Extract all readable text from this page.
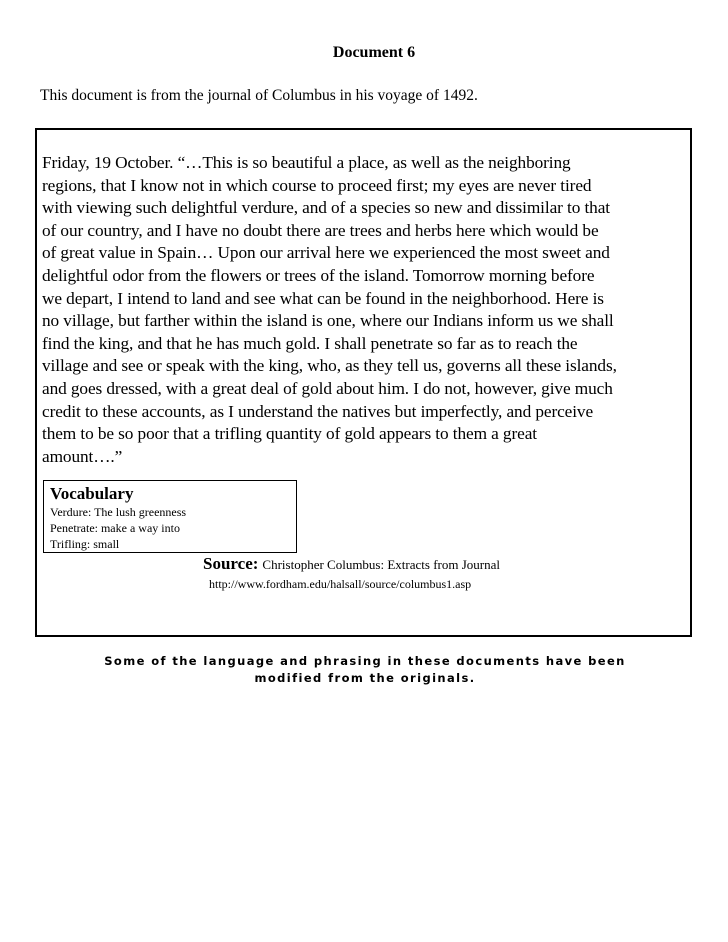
Document 6

This document is from the journal of Columbus in his voyage of 1492.

Friday, 19 October. “…This is so beautiful a place, as well as the neighboring
regions, that I know not in which course to proceed first; my eyes are never tired
with viewing such delightful verdure, and of a species so new and dissimilar to that
of our country, and I have no doubt there are trees and herbs here which would be
of great value in Spain… Upon our arrival here we experienced the most sweet and
delightful odor from the flowers or trees of the island. Tomorrow morning before
we depart, I intend to land and see what can be found in the neighborhood. Here is
no village, but farther within the island is one, where our Indians inform us we shall
find the king, and that he has much gold. I shall penetrate so far as to reach the
village and see or speak with the king, who, as they tell us, governs all these islands,
and goes dressed, with a great deal of gold about him. I do not, however, give much
credit to these accounts, as I understand the natives but imperfectly, and perceive
them to be so poor that a trifling quantity of gold appears to them a great
amount….”

Vocabulary

Verdure: The lush greenness

Penetrate: make a way into

Trifling: small

Source: Christopher Columbus: Extracts from Journal

http://www.fordham.edu/halsall/source/columbus1.asp

Some of the language and phrasing in these documents have been
modified from the originals.
